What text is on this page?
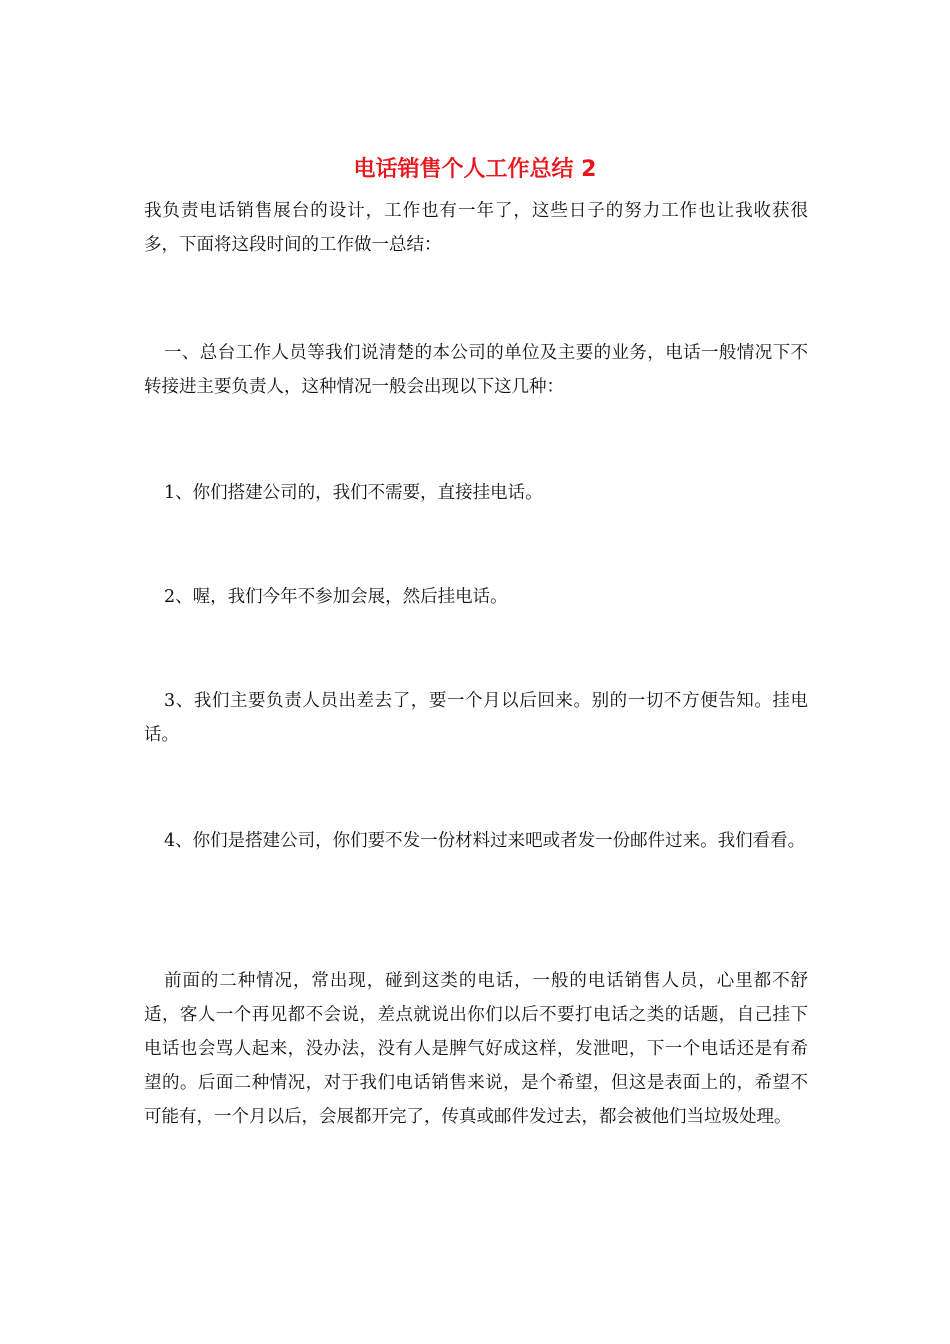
电话销售个人工作总结 2

我负责电话销售展台的设计，工作也有一年了，这些日子的努力工作也让我收获很多，下面将这段时间的工作做一总结：

一、总台工作人员等我们说清楚的本公司的单位及主要的业务，电话一般情况下不转接进主要负责人，这种情况一般会出现以下这几种：

1、你们搭建公司的，我们不需要，直接挂电话。

2、喔，我们今年不参加会展，然后挂电话。

3、我们主要负责人员出差去了，要一个月以后回来。别的一切不方便告知。挂电话。

4、你们是搭建公司，你们要不发一份材料过来吧或者发一份邮件过来。我们看看。

前面的二种情况，常出现，碰到这类的电话，一般的电话销售人员，心里都不舒适，客人一个再见都不会说，差点就说出你们以后不要打电话之类的话题，自己挂下电话也会骂人起来，没办法，没有人是脾气好成这样，发泄吧，下一个电话还是有希望的。后面二种情况，对于我们电话销售来说，是个希望，但这是表面上的，希望不可能有，一个月以后，会展都开完了，传真或邮件发过去，都会被他们当垃圾处理。
